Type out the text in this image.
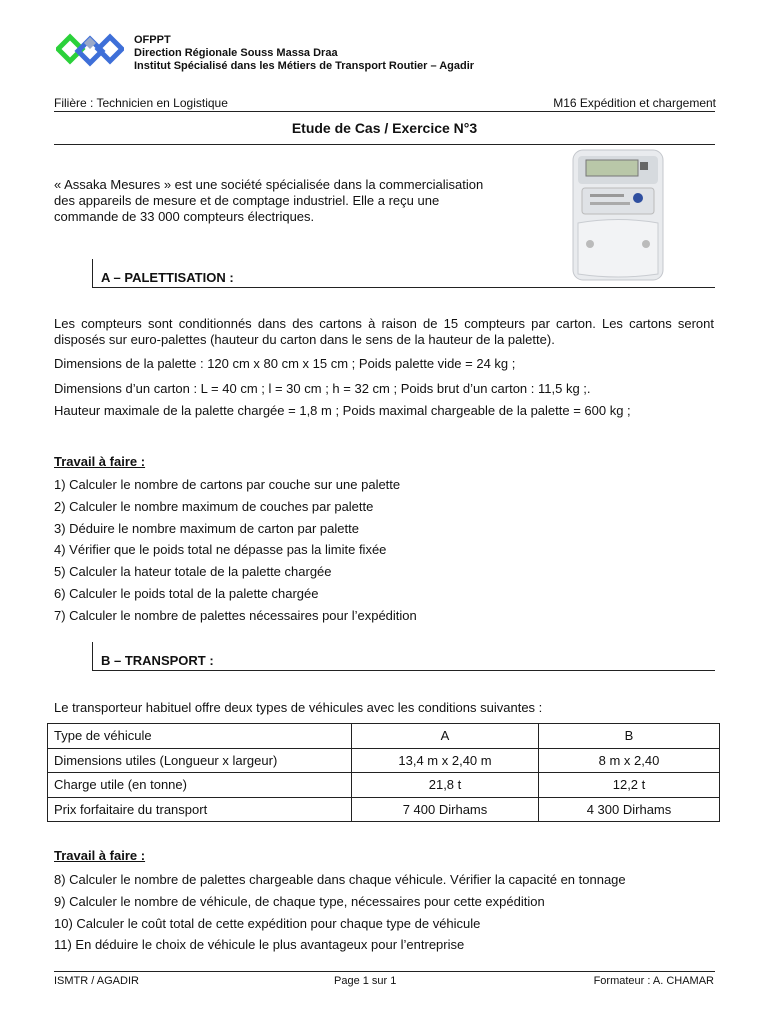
OFPPT
Direction Régionale Souss Massa Draa
Institut Spécialisé dans les Métiers de Transport Routier – Agadir
Filière : Technicien en Logistique	M16 Expédition et chargement
Etude de Cas / Exercice N°3
« Assaka Mesures » est une société spécialisée dans la commercialisation des appareils de mesure et de comptage industriel. Elle a reçu une commande de 33 000 compteurs électriques.
A – PALETTISATION :
Les compteurs sont conditionnés dans des cartons à raison de 15 compteurs par carton. Les cartons seront disposés sur euro-palettes (hauteur du carton dans le sens de la hauteur de la palette).
Dimensions de la palette : 120 cm x 80 cm x 15 cm ; Poids palette vide = 24 kg ;
Dimensions d’un carton : L = 40 cm ; l = 30 cm ; h = 32 cm ; Poids brut d’un carton : 11,5 kg ;.
Hauteur maximale de la palette chargée = 1,8 m ; Poids maximal chargeable de la palette = 600 kg ;
Travail à faire :
1) Calculer le nombre de cartons par couche sur une palette
2) Calculer le nombre maximum de couches par palette
3) Déduire le nombre maximum de carton par palette
4) Vérifier que le poids total ne dépasse pas la limite fixée
5) Calculer la hateur totale de la palette chargée
6) Calculer le poids total de la palette chargée
7) Calculer le nombre de palettes nécessaires pour l’expédition
B – TRANSPORT :
Le transporteur habituel offre deux types de véhicules avec les conditions suivantes :
Type de véhicule	A	B
Dimensions utiles (Longueur x largeur)	13,4 m x 2,40 m	8 m x 2,40
Charge utile (en tonne)	21,8 t	12,2 t
Prix forfaitaire du transport	7 400 Dirhams	4 300 Dirhams
Travail à faire :
8) Calculer le nombre de palettes chargeable dans chaque véhicule. Vérifier la capacité en tonnage
9) Calculer le nombre de véhicule, de chaque type, nécessaires pour cette expédition
10) Calculer le coût total de cette expédition pour chaque type de véhicule
11) En déduire le choix de véhicule le plus avantageux pour l’entreprise
ISMTR / AGADIR	Page 1 sur 1	Formateur : A. CHAMAR
